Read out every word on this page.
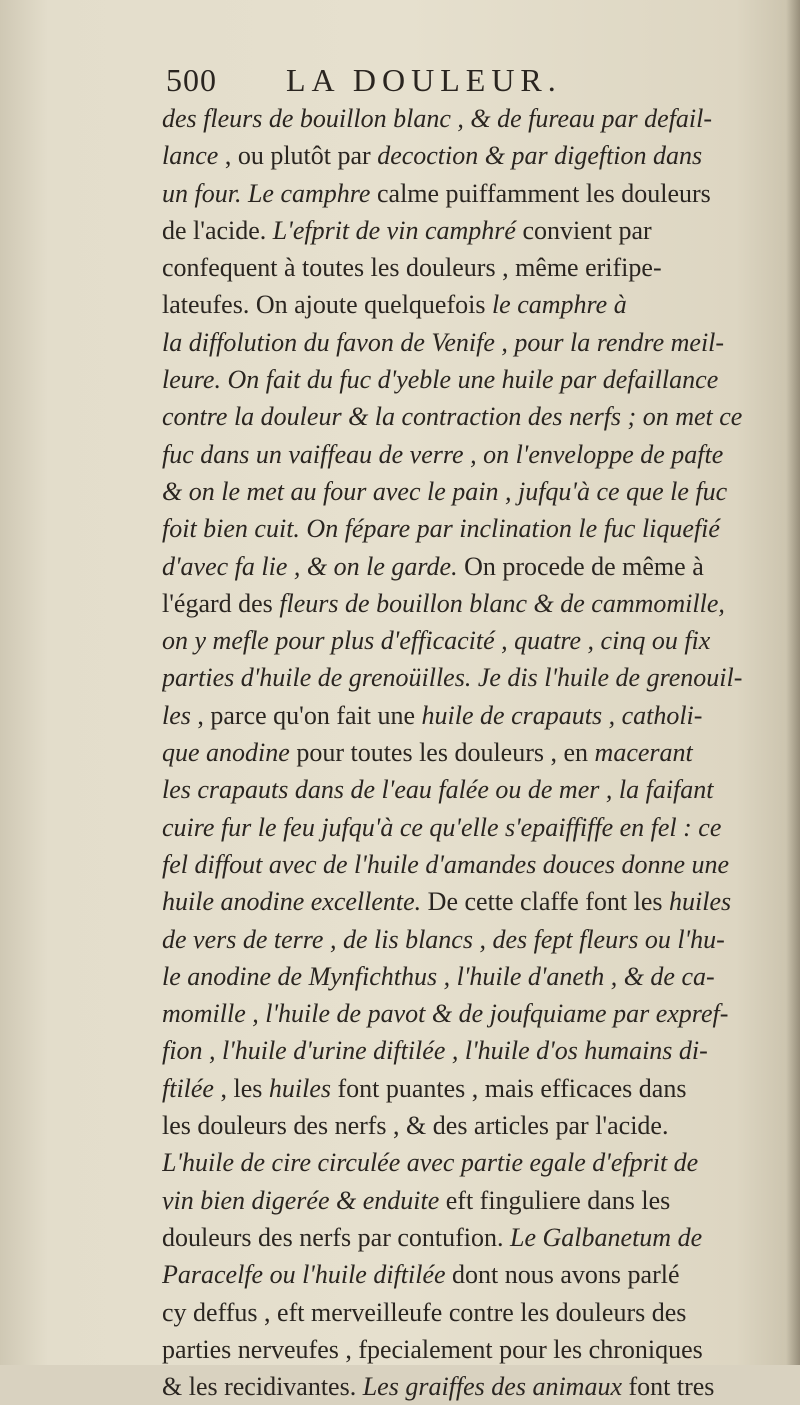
500 LA DOULEUR.
des fleurs de bouillon blanc , & de fureau par defail-
lance , ou plutôt par decoction & par digeftion dans
un four. Le camphre calme puiffamment les douleurs
de l'acide. L'efprit de vin camphré convient par
confequent à toutes les douleurs , même erifipe-
lateufes. On ajoute quelquefois le camphre à
la diffolution du favon de Venife , pour la rendre meil-
leure. On fait du fuc d'yeble une huile par defaillance
contre la douleur & la contraction des nerfs ; on met ce
fuc dans un vaiffeau de verre , on l'enveloppe de pafte
& on le met au four avec le pain , jufqu'à ce que le fuc
foit bien cuit. On fépare par inclination le fuc liquefié
d'avec fa lie , & on le garde. On procede de même à
l'égard des fleurs de bouillon blanc & de cammomille,
on y mefle pour plus d'efficacité , quatre , cinq ou fix
parties d'huile de grenoüilles. Je dis l'huile de grenouil-
les , parce qu'on fait une huile de crapauts , catholi-
que anodine pour toutes les douleurs , en macerant
les crapauts dans de l'eau falée ou de mer , la faifant
cuire fur le feu jufqu'à ce qu'elle s'epaiffiffe en fel : ce
fel diffout avec de l'huile d'amandes douces donne une
huile anodine excellente. De cette claffe font les huiles
de vers de terre , de lis blancs , des fept fleurs ou l'hu-
le anodine de Mynfichthus , l'huile d'aneth , & de ca-
momille , l'huile de pavot & de joufquiame par expref-
fion , l'huile d'urine diftilée , l'huile d'os humains di-
ftilée , les huiles font puantes , mais efficaces dans
les douleurs des nerfs , & des articles par l'acide.
L'huile de cire circulée avec partie egale d'efprit de
vin bien digerée & enduite eft finguliere dans les
douleurs des nerfs par contufion. Le Galbanetum de
Paracelfe ou l'huile diftilée dont nous avons parlé
cy deffus , eft merveilleufe contre les douleurs des
parties nerveufes , fpecialement pour les chroniques
& les recidivantes. Les graiffes des animaux font tres
